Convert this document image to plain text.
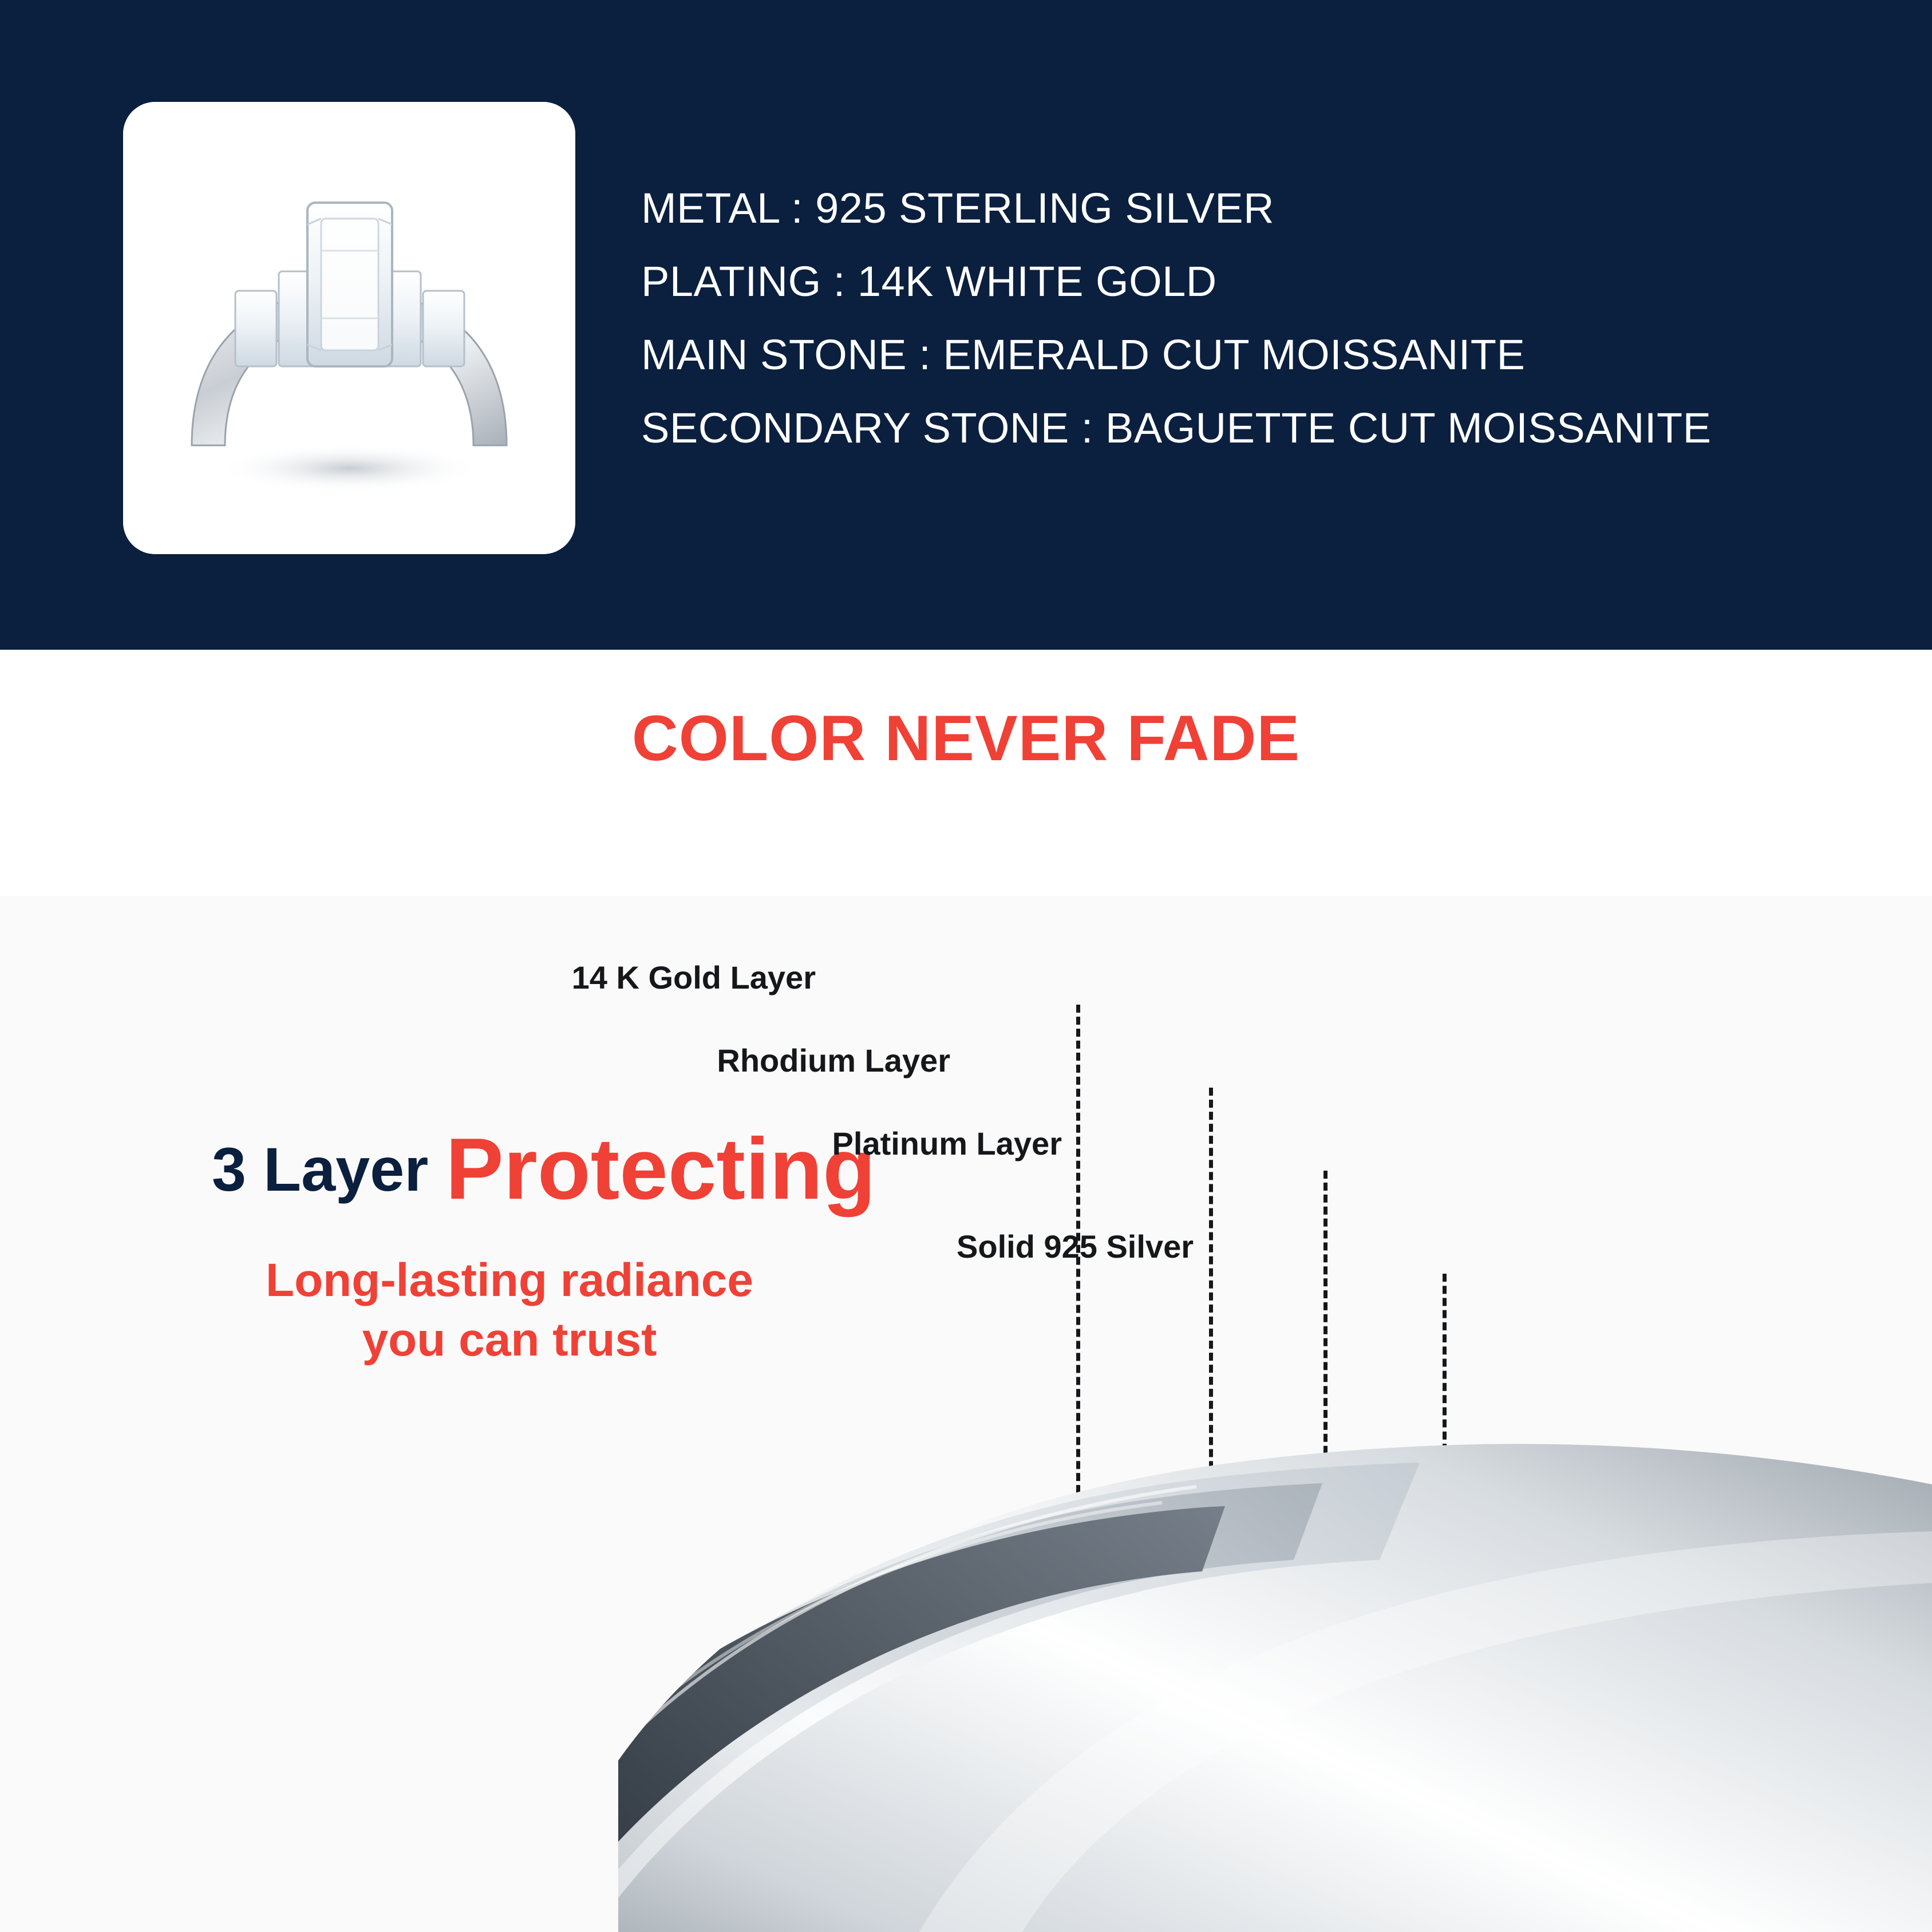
METAL : 925 STERLING SILVER
PLATING : 14K WHITE GOLD
MAIN STONE : EMERALD CUT MOISSANITE
SECONDARY STONE : BAGUETTE CUT MOISSANITE
COLOR NEVER FADE
3 Layer Protecting
Long-lasting radiance
you can trust
14 K Gold Layer
Rhodium Layer
Platinum Layer
Solid 925 Silver
